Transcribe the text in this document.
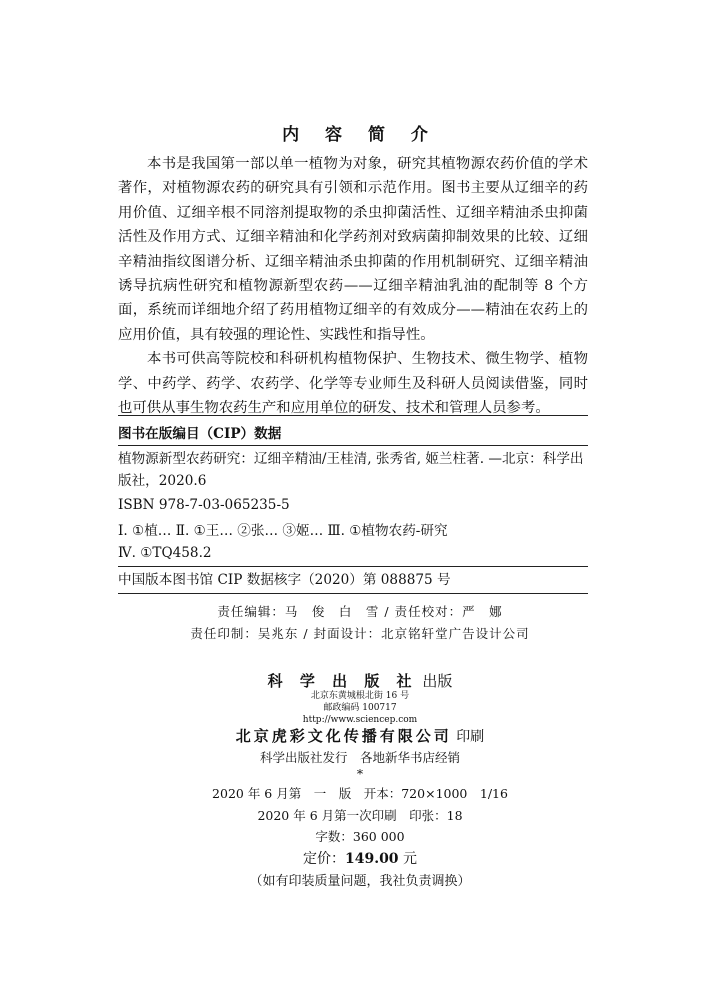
内 容 简 介

本书是我国第一部以单一植物为对象，研究其植物源农药价值的学术著作，对植物源农药的研究具有引领和示范作用。图书主要从辽细辛的药用价值、辽细辛根不同溶剂提取物的杀虫抑菌活性、辽细辛精油杀虫抑菌活性及作用方式、辽细辛精油和化学药剂对致病菌抑制效果的比较、辽细辛精油指纹图谱分析、辽细辛精油杀虫抑菌的作用机制研究、辽细辛精油诱导抗病性研究和植物源新型农药——辽细辛精油乳油的配制等 8 个方面，系统而详细地介绍了药用植物辽细辛的有效成分——精油在农药上的应用价值，具有较强的理论性、实践性和指导性。

本书可供高等院校和科研机构植物保护、生物技术、微生物学、植物学、中药学、药学、农药学、化学等专业师生及科研人员阅读借鉴，同时也可供从事生物农药生产和应用单位的研发、技术和管理人员参考。

图书在版编目（CIP）数据
植物源新型农药研究：辽细辛精油/王桂清, 张秀省, 姬兰柱著. —北京：科学出版社，2020.6
ISBN 978-7-03-065235-5
Ⅰ. ①植… Ⅱ. ①王… ②张… ③姬… Ⅲ. ①植物农药-研究
Ⅳ. ①TQ458.2
中国版本图书馆 CIP 数据核字（2020）第 088875 号
责任编辑：马　俊　白　雪 / 责任校对：严　娜
责任印制：吴兆东 / 封面设计：北京铭轩堂广告设计公司
科 学 出 版 社 出版
北京东黄城根北街 16 号
邮政编码 100717
http://www.sciencep.com
北京虎彩文化传播有限公司 印刷
科学出版社发行　各地新华书店经销
*
2020 年 6 月第　一　版　开本：720×1000　1/16
2020 年 6 月第一次印刷　印张：18
字数：360 000
定价：149.00 元
（如有印装质量问题，我社负责调换）
